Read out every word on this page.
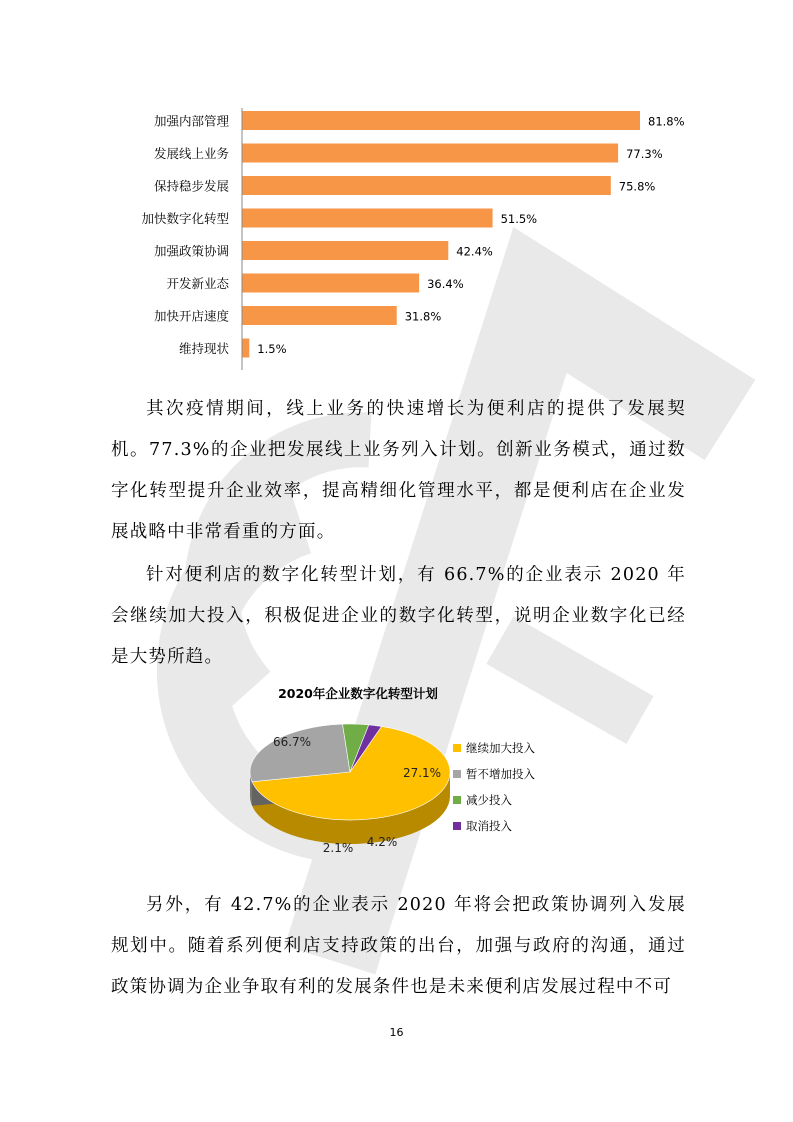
加强内部管理	81.8%
发展线上业务	77.3%
保持稳步发展	75.8%
加快数字化转型	51.5%
加强政策协调	42.4%
开发新业态	36.4%
加快开店速度	31.8%
维持现状 1.5%

其次疫情期间，线上业务的快速增长为便利店的提供了发展契机。77.3%的企业把发展线上业务列入计划。创新业务模式，通过数字化转型提升企业效率，提高精细化管理水平，都是便利店在企业发展战略中非常看重的方面。

针对便利店的数字化转型计划，有 66.7%的企业表示 2020 年会继续加大投入，积极促进企业的数字化转型，说明企业数字化已经是大势所趋。

2020年企业数字化转型计划
66.7%
27.1%
4.2%
2.1%
继续加大投入
暂不增加投入
减少投入
取消投入

另外，有 42.7%的企业表示 2020 年将会把政策协调列入发展规划中。随着系列便利店支持政策的出台，加强与政府的沟通，通过政策协调为企业争取有利的发展条件也是未来便利店发展过程中不可

16
